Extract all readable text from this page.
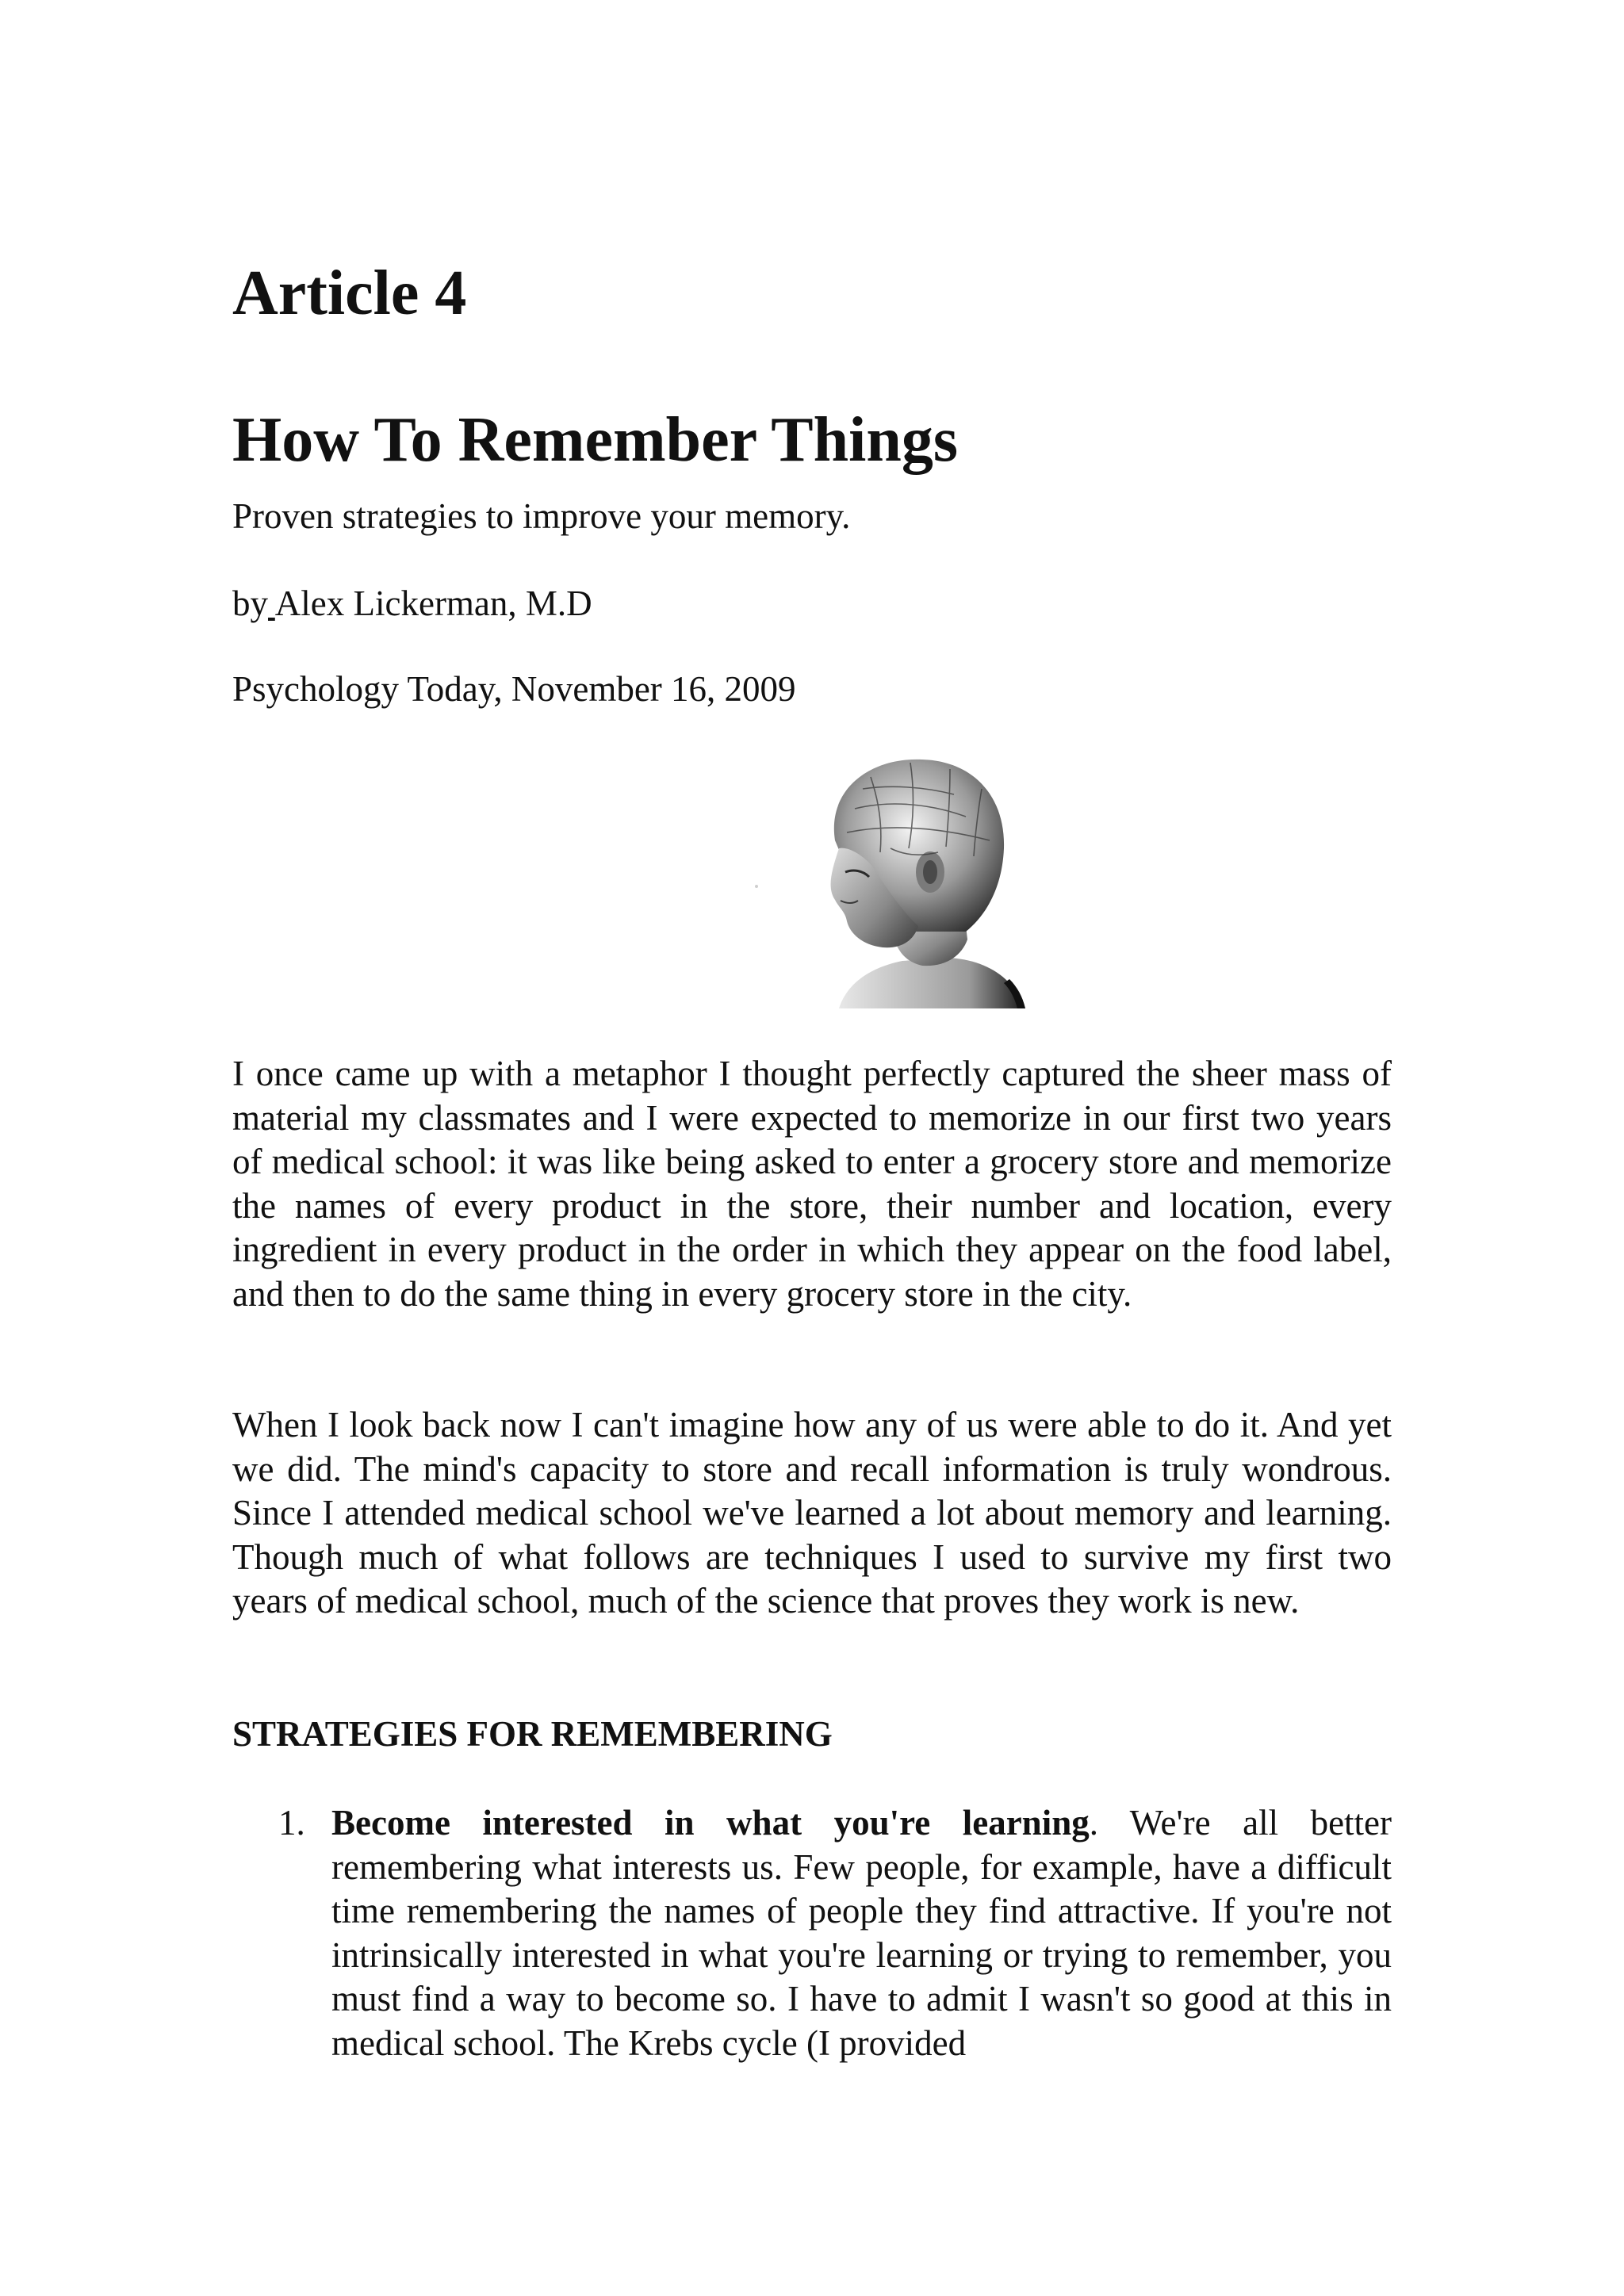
Article 4
How To Remember Things

Proven strategies to improve your memory.

by Alex Lickerman, M.D

Psychology Today, November 16, 2009

I once came up with a metaphor I thought perfectly captured the sheer mass of material my classmates and I were expected to memorize in our first two years of medical school: it was like being asked to enter a grocery store and memorize the names of every product in the store, their number and location, every ingredient in every product in the order in which they appear on the food label, and then to do the same thing in every grocery store in the city.

When I look back now I can't imagine how any of us were able to do it. And yet we did. The mind's capacity to store and recall information is truly wondrous. Since I attended medical school we've learned a lot about memory and learning. Though much of what follows are techniques I used to survive my first two years of medical school, much of the science that proves they work is new.

STRATEGIES FOR REMEMBERING
1. Become interested in what you're learning. We're all better remembering what interests us. Few people, for example, have a difficult time remembering the names of people they find attractive. If you're not intrinsically interested in what you're learning or trying to remember, you must find a way to become so. I have to admit I wasn't so good at this in medical school. The Krebs cycle (I provided
